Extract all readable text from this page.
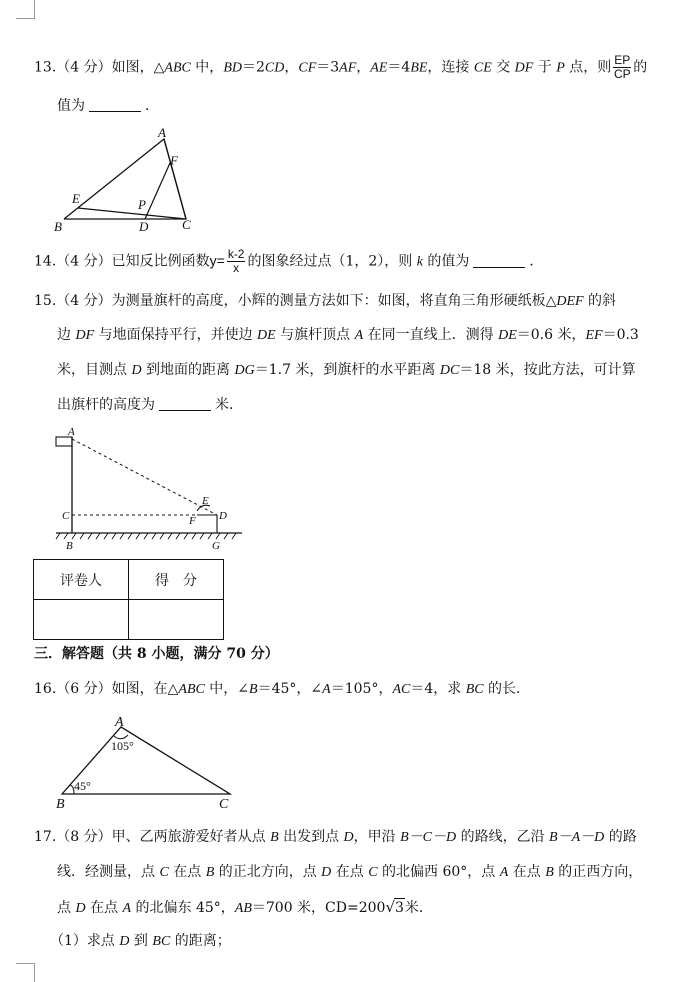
13.（4 分）如图，△ABC 中，BD＝2CD，CF＝3AF，AE＝4BE，连接 CE 交 DF 于 P 点，则 $\frac{EP}{CP}$ 的
值为	．
A
F
E	P
B	D	C
14.（4 分）已知反比例函数$y= \frac{k-2}{x}$ 的图象经过点（1，2），则 k 的值为	．
15.（4 分）为测量旗杆的高度，小辉的测量方法如下：如图，将直角三角形硬纸板△DEF 的斜
边 DF 与地面保持平行，并使边 DE 与旗杆顶点 A 在同一直线上．测得 DE＝0.6 米，EF＝0.3
米，目测点 D 到地面的距离 DG＝1.7 米，到旗杆的水平距离 DC＝18 米，按此方法，可计算
出旗杆的高度为	米．
A
E
C	F D
B	G
评卷人	得　分

三．解答题（共 8 小题，满分 70 分）
16.（6 分）如图，在△ABC 中，∠B＝45°，∠A＝105°，AC＝4，求 BC 的长．
A
105°
45°
B	C
17.（8 分）甲、乙两旅游爱好者从点 B 出发到点 D，甲沿 B－C－D 的路线，乙沿 B－A－D 的路
线．经测量，点 C 在点 B 的正北方向，点 D 在点 C 的北偏西 60°，点 A 在点 B 的正西方向，
点 D 在点 A 的北偏东 45°，AB＝700 米，CD=200√3米．
（1）求点 D 到 BC 的距离；
